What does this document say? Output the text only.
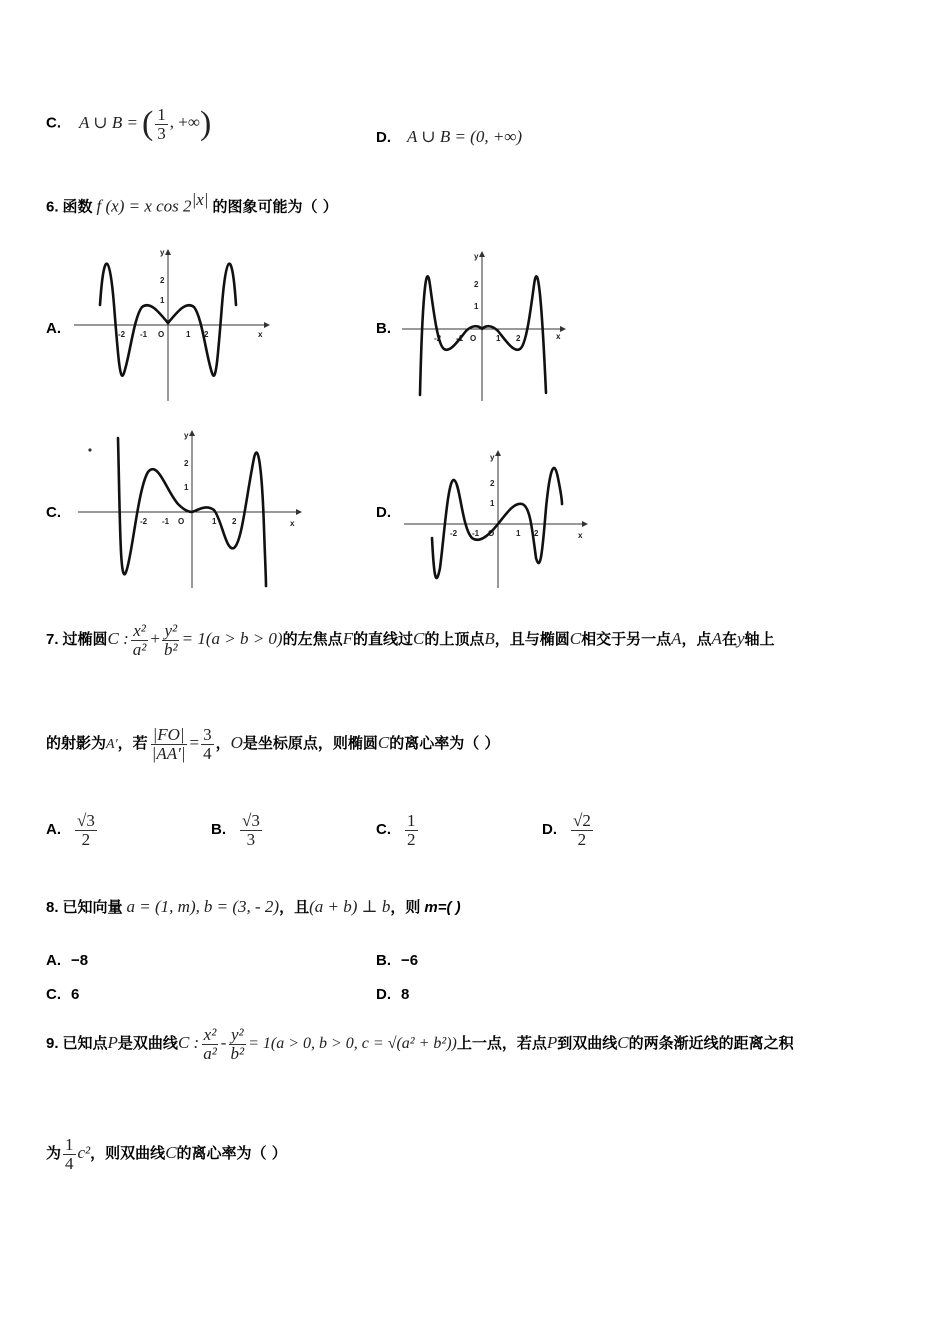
C. A ∪ B = ( $\frac{1}{3}$ , +∞)	D. A ∪ B = (0, +∞)
6. 函数 f (x) = x $\cos 2^{|x|}$ 的图象可能为（ ）
A.	B.
C.	D.
y
x
O
2
1
-2 -1	1 2
y
x
O
2
1
-2 -1	1 2
y
x
O
2
1
-2 -1	1 2
y
x
O
2
1
-2 -1	1 2
7. 过椭圆C : $\frac{\text{x²}}{\text{a²}} + \frac{\text{y²}}{\text{b²}} = 1(a > b > 0)$的左焦点F的直线过C的上顶点B，且与椭圆C相交于另一点A，点A在y轴上
的射影为A′，若 $\frac{|FO|}{|AA'|} = \frac{3}{4}$ ，O是坐标原点，则椭圆C的离心率为（ ）
A. $\frac{√3}{2}$	B. $\frac{√3}{3}$	C. $\frac{1}{2}$	D. $\frac{√2}{2}$
8. 已知向量 a = (1, m), b = (3, - 2)，且(a + b) ⊥ b，则 m=( )
A. −8	B. −6
C. 6	D. 8
9. 已知点P是双曲线C : $\frac{\text{x²}}{\text{a²}} - \frac{\text{y²}}{\text{b²}} = 1(a > 0$, b > 0, c = √(a² + b²))上一点，若点P到双曲线C的两条渐近线的距离之积
为 $\frac{1}{4} c^2$，则双曲线C的离心率为（ ）
